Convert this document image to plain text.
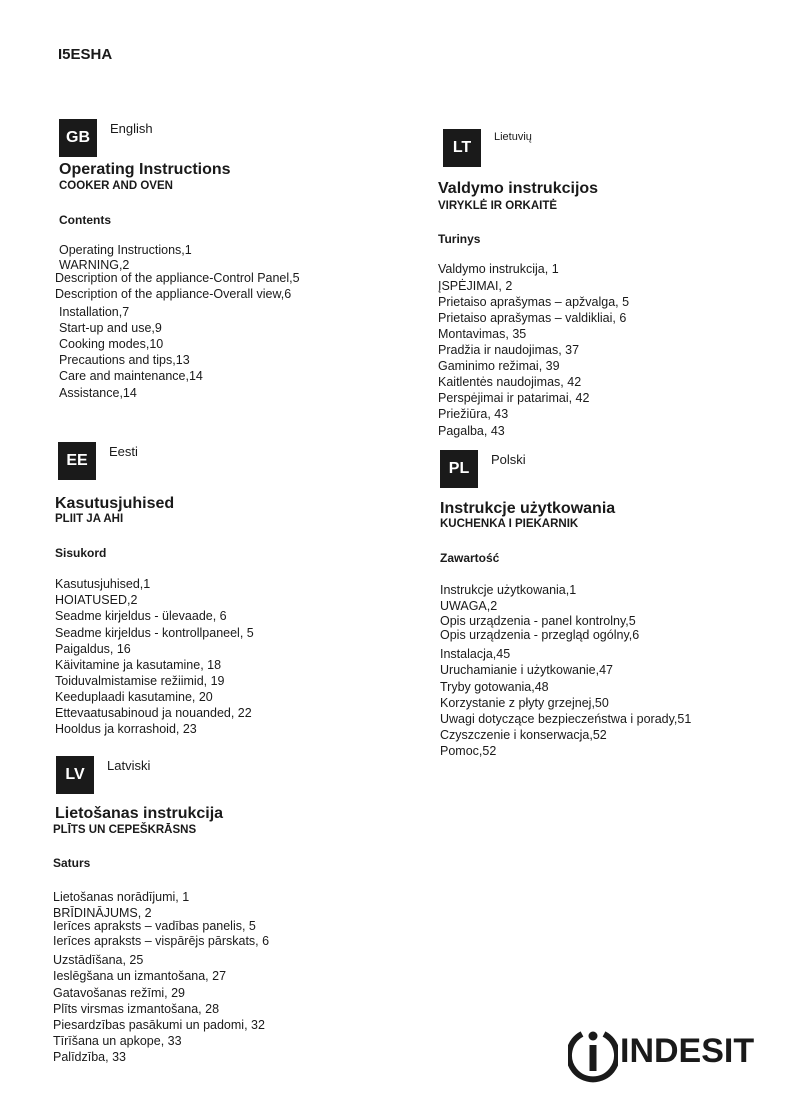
I5ESHA
GB
English
Operating Instructions
COOKER AND OVEN
Contents
Operating Instructions,1
WARNING,2
Description of the appliance-Control Panel,5
Description of the appliance-Overall view,6
Installation,7
Start-up and use,9
Cooking modes,10
Precautions and tips,13
Care and maintenance,14
Assistance,14
EE
Eesti
Kasutusjuhised
PLIIT JA AHI
Sisukord
Kasutusjuhised,1
HOIATUSED,2
Seadme kirjeldus - ülevaade, 6
Seadme kirjeldus - kontrollpaneel, 5
Paigaldus, 16
Käivitamine ja kasutamine, 18
Toiduvalmistamise režiimid, 19
Keeduplaadi kasutamine, 20
Ettevaatusabinoud ja nouanded, 22
Hooldus ja korrashoid, 23
LV
Latviski
Lietošanas instrukcija
PLĪTS UN CEPEŠKRĀSNS
Saturs
Lietošanas norādījumi, 1
BRĪDINĀJUMS, 2
Ierīces apraksts – vadības panelis, 5
Ierīces apraksts – vispārējs pārskats, 6
Uzstādīšana, 25
Ieslēgšana un izmantošana, 27
Gatavošanas režīmi, 29
Plīts virsmas izmantošana, 28
Piesardzības pasākumi un padomi, 32
Tīrīšana un apkope, 33
Palīdzība, 33
LT
Lietuvių
Valdymo instrukcijos
VIRYKLĖ IR ORKAITĖ
Turinys
Valdymo instrukcija, 1
ĮSPĖJIMAI, 2
Prietaiso aprašymas – apžvalga, 5
Prietaiso aprašymas – valdikliai, 6
Montavimas, 35
Pradžia ir naudojimas, 37
Gaminimo režimai, 39
Kaitlentės naudojimas, 42
Perspėjimai ir patarimai, 42
Priežiūra, 43
Pagalba, 43
PL
Polski
Instrukcje użytkowania
KUCHENKA I PIEKARNIK
Zawartość
Instrukcje użytkowania,1
UWAGA,2
Opis urządzenia - panel kontrolny,5
Opis urządzenia - przegląd ogólny,6
Instalacja,45
Uruchamianie i użytkowanie,47
Tryby gotowania,48
Korzystanie z płyty grzejnej,50
Uwagi dotyczące bezpieczeństwa i porady,51
Czyszczenie i konserwacja,52
Pomoc,52
INDESIT
